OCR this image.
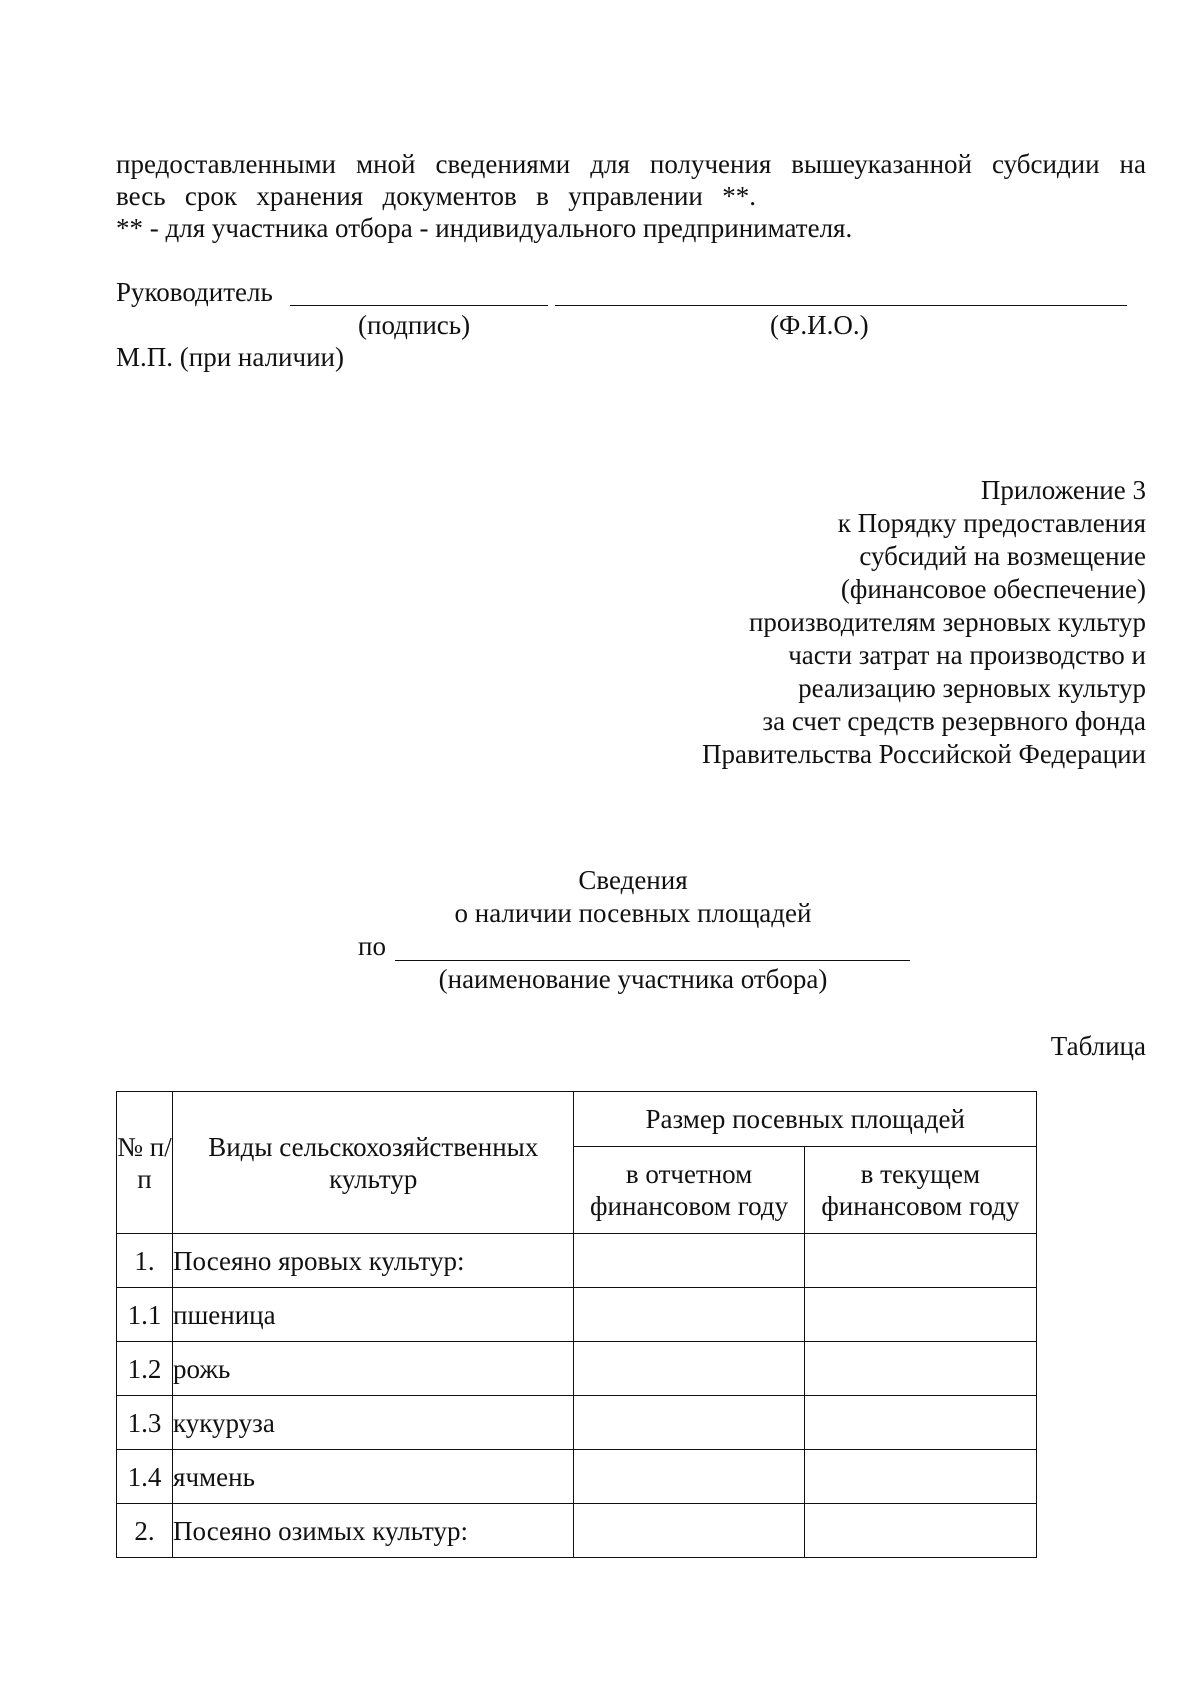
предоставленными мной сведениями для получения вышеуказанной субсидии на
весь срок хранения документов в управлении **.
** - для участника отбора - индивидуального предпринимателя.
Руководитель
(подпись)	(Ф.И.О.)
М.П. (при наличии)
Приложение 3
к Порядку предоставления
субсидий на возмещение
(финансовое обеспечение)
производителям зерновых культур
части затрат на производство и
реализацию зерновых культур
за счет средств резервного фонда
Правительства Российской Федерации
Сведения
о наличии посевных площадей
по
(наименование участника отбора)
Таблица
№ п/п	Виды сельскохозяйственных культур	Размер посевных площадей	
		в отчетном финансовом году	в текущем финансовом году
1.	Посеяно яровых культур:		
1.1	пшеница		
1.2	рожь		
1.3	кукуруза		
1.4	ячмень		
2.	Посеяно озимых культур:		
